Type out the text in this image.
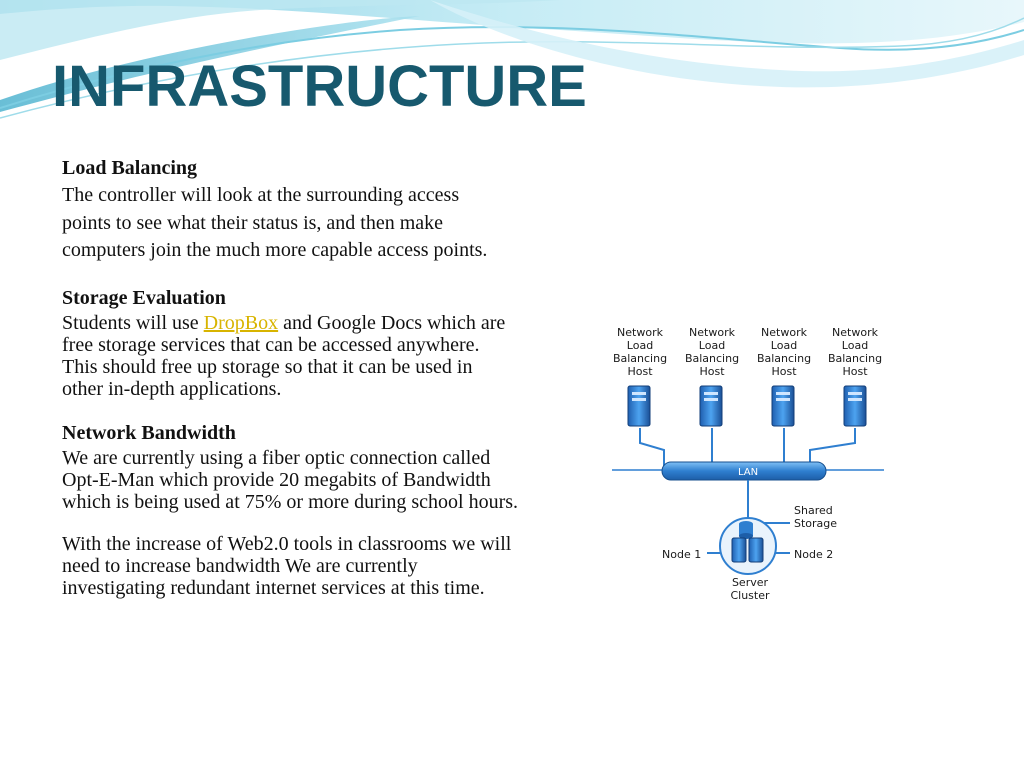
INFRASTRUCTURE
Load Balancing

The controller will look at the surrounding access

points to see what their status is, and then make

computers join the much more capable access points.

Storage Evaluation

Students will use DropBox and Google Docs which are

free storage services that can be accessed anywhere.

This should free up storage so that it can be used in

other in-depth applications.

Network Bandwidth

We are currently using a fiber optic connection called

Opt-E-Man which provide 20 megabits of Bandwidth

which is being used at 75% or more during school hours.

With the increase of Web2.0 tools in classrooms we will

need to increase bandwidth We are currently

investigating redundant internet services at this time.

Network
Load
Balancing
Host
Network
Load
Balancing
Host
Network
Load
Balancing
Host
Network
Load
Balancing
Host
LAN
Shared
Storage
Node 1	Node 2
Server
Cluster
